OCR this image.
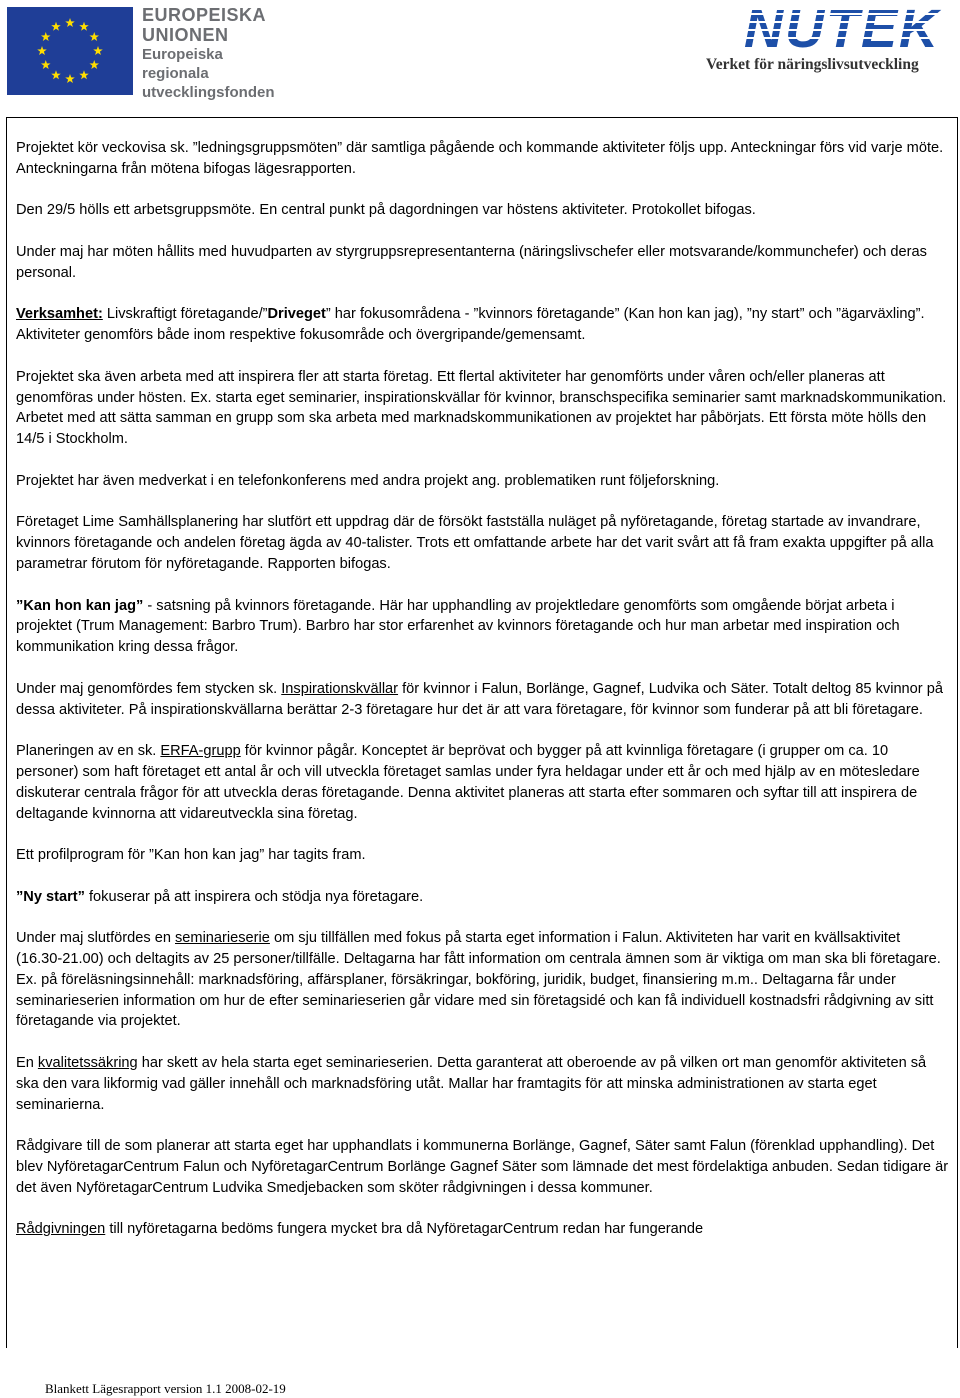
EUROPEISKA
UNIONEN
Europeiska
regionala
utvecklingsfonden
NUTEK
Verket för näringslivsutveckling

Projektet kör veckovisa sk. ”ledningsgruppsmöten” där samtliga pågående och kommande aktiviteter följs upp. Anteckningar förs vid varje möte. Anteckningarna från mötena bifogas lägesrapporten.

Den 29/5 hölls ett arbetsgruppsmöte. En central punkt på dagordningen var höstens aktiviteter. Protokollet bifogas.

Under maj har möten hållits med huvudparten av styrgruppsrepresentanterna (näringslivschefer eller motsvarande/kommunchefer) och deras personal.

Verksamhet: Livskraftigt företagande/”Driveget” har fokusområdena - ”kvinnors företagande” (Kan hon kan jag), ”ny start” och ”ägarväxling”. Aktiviteter genomförs både inom respektive fokusområde och övergripande/gemensamt.

Projektet ska även arbeta med att inspirera fler att starta företag. Ett flertal aktiviteter har genomförts under våren och/eller planeras att genomföras under hösten. Ex. starta eget seminarier, inspirationskvällar för kvinnor, branschspecifika seminarier samt marknadskommunikation. Arbetet med att sätta samman en grupp som ska arbeta med marknadskommunikationen av projektet har påbörjats. Ett första möte hölls den 14/5 i Stockholm.

Projektet har även medverkat i en telefonkonferens med andra projekt ang. problematiken runt följeforskning.

Företaget Lime Samhällsplanering har slutfört ett uppdrag där de försökt fastställa nuläget på nyföretagande, företag startade av invandrare, kvinnors företagande och andelen företag ägda av 40-talister. Trots ett omfattande arbete har det varit svårt att få fram exakta uppgifter på alla parametrar förutom för nyföretagande. Rapporten bifogas.

”Kan hon kan jag” - satsning på kvinnors företagande. Här har upphandling av projektledare genomförts som omgående börjat arbeta i projektet (Trum Management: Barbro Trum). Barbro har stor erfarenhet av kvinnors företagande och hur man arbetar med inspiration och kommunikation kring dessa frågor.

Under maj genomfördes fem stycken sk. Inspirationskvällar för kvinnor i Falun, Borlänge, Gagnef, Ludvika och Säter. Totalt deltog 85 kvinnor på dessa aktiviteter. På inspirationskvällarna berättar 2-3 företagare hur det är att vara företagare, för kvinnor som funderar på att bli företagare.

Planeringen av en sk. ERFA-grupp för kvinnor pågår. Konceptet är beprövat och bygger på att kvinnliga företagare (i grupper om ca. 10 personer) som haft företaget ett antal år och vill utveckla företaget samlas under fyra heldagar under ett år och med hjälp av en mötesledare diskuterar centrala frågor för att utveckla deras företagande. Denna aktivitet planeras att starta efter sommaren och syftar till att inspirera de deltagande kvinnorna att vidareutveckla sina företag.

Ett profilprogram för ”Kan hon kan jag” har tagits fram.

”Ny start” fokuserar på att inspirera och stödja nya företagare.

Under maj slutfördes en seminarieserie om sju tillfällen med fokus på starta eget information i Falun. Aktiviteten har varit en kvällsaktivitet (16.30-21.00) och deltagits av 25 personer/tillfälle. Deltagarna har fått information om centrala ämnen som är viktiga om man ska bli företagare. Ex. på föreläsningsinnehåll: marknadsföring, affärsplaner, försäkringar, bokföring, juridik, budget, finansiering m.m.. Deltagarna får under seminarieserien information om hur de efter seminarieserien går vidare med sin företagsidé och kan få individuell kostnadsfri rådgivning av sitt företagande via projektet.

En kvalitetssäkring har skett av hela starta eget seminarieserien. Detta garanterat att oberoende av på vilken ort man genomför aktiviteten så ska den vara likformig vad gäller innehåll och marknadsföring utåt. Mallar har framtagits för att minska administrationen av starta eget seminarierna.

Rådgivare till de som planerar att starta eget har upphandlats i kommunerna Borlänge, Gagnef, Säter samt Falun (förenklad upphandling). Det blev NyföretagarCentrum Falun och NyföretagarCentrum Borlänge Gagnef Säter som lämnade det mest fördelaktiga anbuden. Sedan tidigare är det även NyföretagarCentrum Ludvika Smedjebacken som sköter rådgivningen i dessa kommuner.

Rådgivningen till nyföretagarna bedöms fungera mycket bra då NyföretagarCentrum redan har fungerande

Blankett Lägesrapport version 1.1 2008-02-19
